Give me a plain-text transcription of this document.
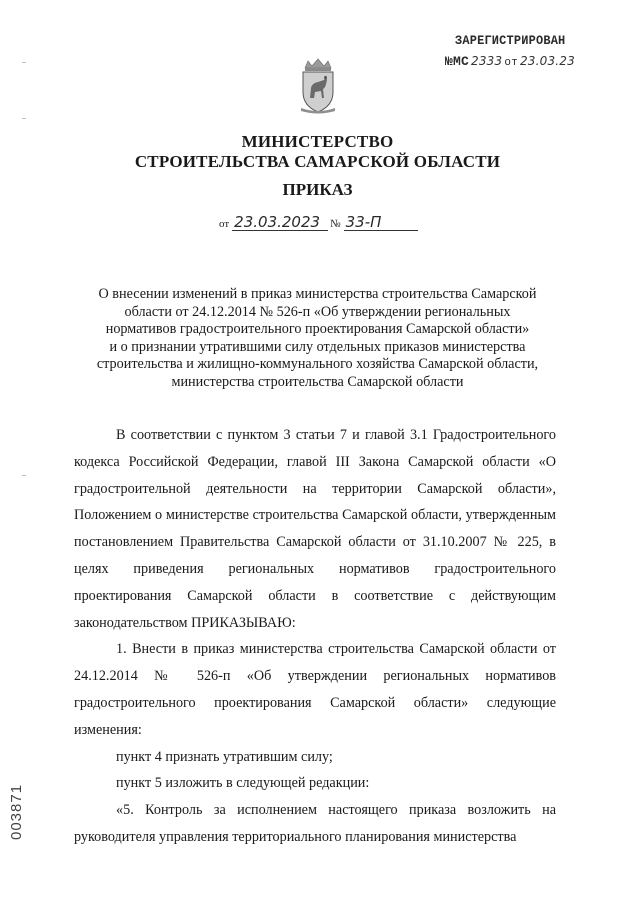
ЗАРЕГИСТРИРОВАН
№МС 2333 от 23.03.23
МИНИСТЕРСТВО
СТРОИТЕЛЬСТВА САМАРСКОЙ ОБЛАСТИ
ПРИКАЗ
от 23.03.2023 № 33-П
О внесении изменений в приказ министерства строительства Самарской
области от 24.12.2014 № 526-п «Об утверждении региональных
нормативов градостроительного проектирования Самарской области»
и о признании утратившими силу отдельных приказов министерства
строительства и жилищно-коммунального хозяйства Самарской области,
министерства строительства Самарской области

В соответствии с пунктом 3 статьи 7 и главой 3.1 Градостроительного кодекса Российской Федерации, главой III Закона Самарской области «О градостроительной деятельности на территории Самарской области», Положением о министерстве строительства Самарской области, утвержденным постановлением Правительства Самарской области от 31.10.2007 № 225, в целях приведения региональных нормативов градостроительного проектирования Самарской области в соответствие с действующим законодательством ПРИКАЗЫВАЮ:

1. Внести в приказ министерства строительства Самарской области от 24.12.2014 № 526-п «Об утверждении региональных нормативов градостроительного проектирования Самарской области» следующие изменения:

пункт 4 признать утратившим силу;

пункт 5 изложить в следующей редакции:

«5. Контроль за исполнением настоящего приказа возложить на руководителя управления территориального планирования министерства

003871
